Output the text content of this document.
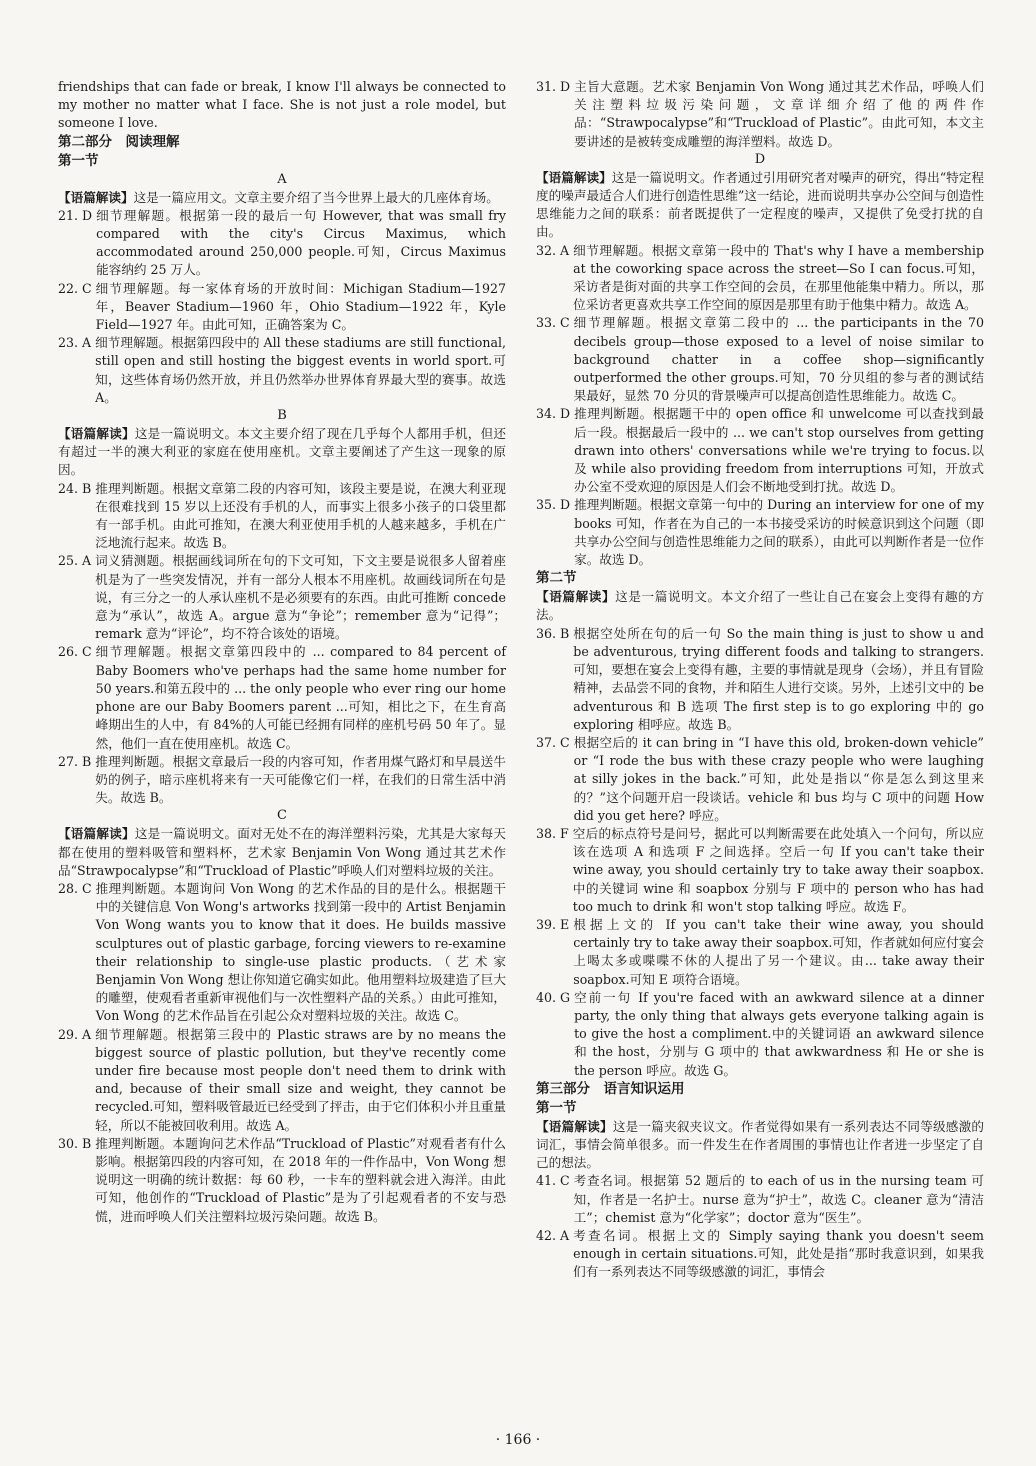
friendships that can fade or break, I know I'll always be connected to my mother no matter what I face. She is not just a role model, but someone I love.

第二部分　阅读理解

第一节

A

【语篇解读】这是一篇应用文。文章主要介绍了当今世界上最大的几座体育场。

21. D 细节理解题。根据第一段的最后一句 However, that was small fry compared with the city's Circus Maximus, which accommodated around 250,000 people.可知，Circus Maximus 能容纳约 25 万人。
22. C 细节理解题。每一家体育场的开放时间：Michigan Stadium—1927 年，Beaver Stadium—1960 年，Ohio Stadium—1922 年，Kyle Field—1927 年。由此可知，正确答案为 C。
23. A 细节理解题。根据第四段中的 All these stadiums are still functional, still open and still hosting the biggest events in world sport.可知，这些体育场仍然开放，并且仍然举办世界体育界最大型的赛事。故选 A。

B

【语篇解读】这是一篇说明文。本文主要介绍了现在几乎每个人都用手机，但还有超过一半的澳大利亚的家庭在使用座机。文章主要阐述了产生这一现象的原因。

24. B 推理判断题。根据文章第二段的内容可知，该段主要是说，在澳大利亚现在很难找到 15 岁以上还没有手机的人，而事实上很多小孩子的口袋里都有一部手机。由此可推知，在澳大利亚使用手机的人越来越多，手机在广泛地流行起来。故选 B。
25. A 词义猜测题。根据画线词所在句的下文可知，下文主要是说很多人留着座机是为了一些突发情况，并有一部分人根本不用座机。故画线词所在句是说，有三分之一的人承认座机不是必须要有的东西。由此可推断 concede 意为“承认”，故选 A。argue 意为“争论”；remember 意为“记得”；remark 意为“评论”，均不符合该处的语境。
26. C 细节理解题。根据文章第四段中的 ... compared to 84 percent of Baby Boomers who've perhaps had the same home number for 50 years.和第五段中的 ... the only people who ever ring our home phone are our Baby Boomers parent ...可知，相比之下，在生育高峰期出生的人中，有 84%的人可能已经拥有同样的座机号码 50 年了。显然，他们一直在使用座机。故选 C。
27. B 推理判断题。根据文章最后一段的内容可知，作者用煤气路灯和早晨送牛奶的例子，暗示座机将来有一天可能像它们一样，在我们的日常生活中消失。故选 B。

C

【语篇解读】这是一篇说明文。面对无处不在的海洋塑料污染，尤其是大家每天都在使用的塑料吸管和塑料杯，艺术家 Benjamin Von Wong 通过其艺术作品“Strawpocalypse”和“Truckload of Plastic”呼唤人们对塑料垃圾的关注。

28. C 推理判断题。本题询问 Von Wong 的艺术作品的目的是什么。根据题干中的关键信息 Von Wong's artworks 找到第一段中的 Artist Benjamin Von Wong wants you to know that it does. He builds massive sculptures out of plastic garbage, forcing viewers to re-examine their relationship to single-use plastic products.（艺术家 Benjamin Von Wong 想让你知道它确实如此。他用塑料垃圾建造了巨大的雕塑，使观看者重新审视他们与一次性塑料产品的关系。）由此可推知，Von Wong 的艺术作品旨在引起公众对塑料垃圾的关注。故选 C。
29. A 细节理解题。根据第三段中的 Plastic straws are by no means the biggest source of plastic pollution, but they've recently come under fire because most people don't need them to drink with and, because of their small size and weight, they cannot be recycled.可知，塑料吸管最近已经受到了抨击，由于它们体积小并且重量轻，所以不能被回收利用。故选 A。
30. B 推理判断题。本题询问艺术作品“Truckload of Plastic”对观看者有什么影响。根据第四段的内容可知，在 2018 年的一件作品中，Von Wong 想说明这一明确的统计数据：每 60 秒，一卡车的塑料就会进入海洋。由此可知，他创作的“Truckload of Plastic”是为了引起观看者的不安与恐慌，进而呼唤人们关注塑料垃圾污染问题。故选 B。
31. D 主旨大意题。艺术家 Benjamin Von Wong 通过其艺术作品，呼唤人们关注塑料垃圾污染问题，文章详细介绍了他的两件作品：“Strawpocalypse”和“Truckload of Plastic”。由此可知，本文主要讲述的是被转变成雕塑的海洋塑料。故选 D。

D

【语篇解读】这是一篇说明文。作者通过引用研究者对噪声的研究，得出“特定程度的噪声最适合人们进行创造性思维”这一结论，进而说明共享办公空间与创造性思维能力之间的联系：前者既提供了一定程度的噪声，又提供了免受打扰的自由。

32. A 细节理解题。根据文章第一段中的 That's why I have a membership at the coworking space across the street—So I can focus.可知，采访者是街对面的共享工作空间的会员，在那里他能集中精力。所以，那位采访者更喜欢共享工作空间的原因是那里有助于他集中精力。故选 A。
33. C 细节理解题。根据文章第二段中的 ... the participants in the 70 decibels group—those exposed to a level of noise similar to background chatter in a coffee shop—significantly outperformed the other groups.可知，70 分贝组的参与者的测试结果最好，显然 70 分贝的背景噪声可以提高创造性思维能力。故选 C。
34. D 推理判断题。根据题干中的 open office 和 unwelcome 可以查找到最后一段。根据最后一段中的 ... we can't stop ourselves from getting drawn into others' conversations while we're trying to focus.以及 while also providing freedom from interruptions 可知，开放式办公室不受欢迎的原因是人们会不断地受到打扰。故选 D。
35. D 推理判断题。根据文章第一句中的 During an interview for one of my books 可知，作者在为自己的一本书接受采访的时候意识到这个问题（即共享办公空间与创造性思维能力之间的联系），由此可以判断作者是一位作家。故选 D。

第二节

【语篇解读】这是一篇说明文。本文介绍了一些让自己在宴会上变得有趣的方法。

36. B 根据空处所在句的后一句 So the main thing is just to show u and be adventurous, trying different foods and talking to strangers.可知，要想在宴会上变得有趣，主要的事情就是现身（会场），并且有冒险精神，去品尝不同的食物，并和陌生人进行交谈。另外，上述引文中的 be adventurous 和 B 选项 The first step is to go exploring 中的 go exploring 相呼应。故选 B。
37. C 根据空后的 it can bring in “I have this old, broken-down vehicle” or “I rode the bus with these crazy people who were laughing at silly jokes in the back.”可知，此处是指以“你是怎么到这里来的？”这个问题开启一段谈话。vehicle 和 bus 均与 C 项中的问题 How did you get here? 呼应。
38. F 空后的标点符号是问号，据此可以判断需要在此处填入一个问句，所以应该在选项 A 和选项 F 之间选择。空后一句 If you can't take their wine away, you should certainly try to take away their soapbox.中的关键词 wine 和 soapbox 分别与 F 项中的 person who has had too much to drink 和 won't stop talking 呼应。故选 F。
39. E 根据上文的 If you can't take their wine away, you should certainly try to take away their soapbox.可知，作者就如何应付宴会上喝太多或喋喋不休的人提出了另一个建议。由... take away their soapbox.可知 E 项符合语境。
40. G 空前一句 If you're faced with an awkward silence at a dinner party, the only thing that always gets everyone talking again is to give the host a compliment.中的关键词语 an awkward silence 和 the host，分别与 G 项中的 that awkwardness 和 He or she is the person 呼应。故选 G。

第三部分　语言知识运用

第一节

【语篇解读】这是一篇夹叙夹议文。作者觉得如果有一系列表达不同等级感激的词汇，事情会简单很多。而一件发生在作者周围的事情也让作者进一步坚定了自己的想法。

41. C 考查名词。根据第 52 题后的 to each of us in the nursing team 可知，作者是一名护士。nurse 意为“护士”，故选 C。cleaner 意为“清洁工”；chemist 意为“化学家”；doctor 意为“医生”。
42. A 考查名词。根据上文的 Simply saying thank you doesn't seem enough in certain situations.可知，此处是指“那时我意识到，如果我们有一系列表达不同等级感激的词汇，事情会
· 166 ·
